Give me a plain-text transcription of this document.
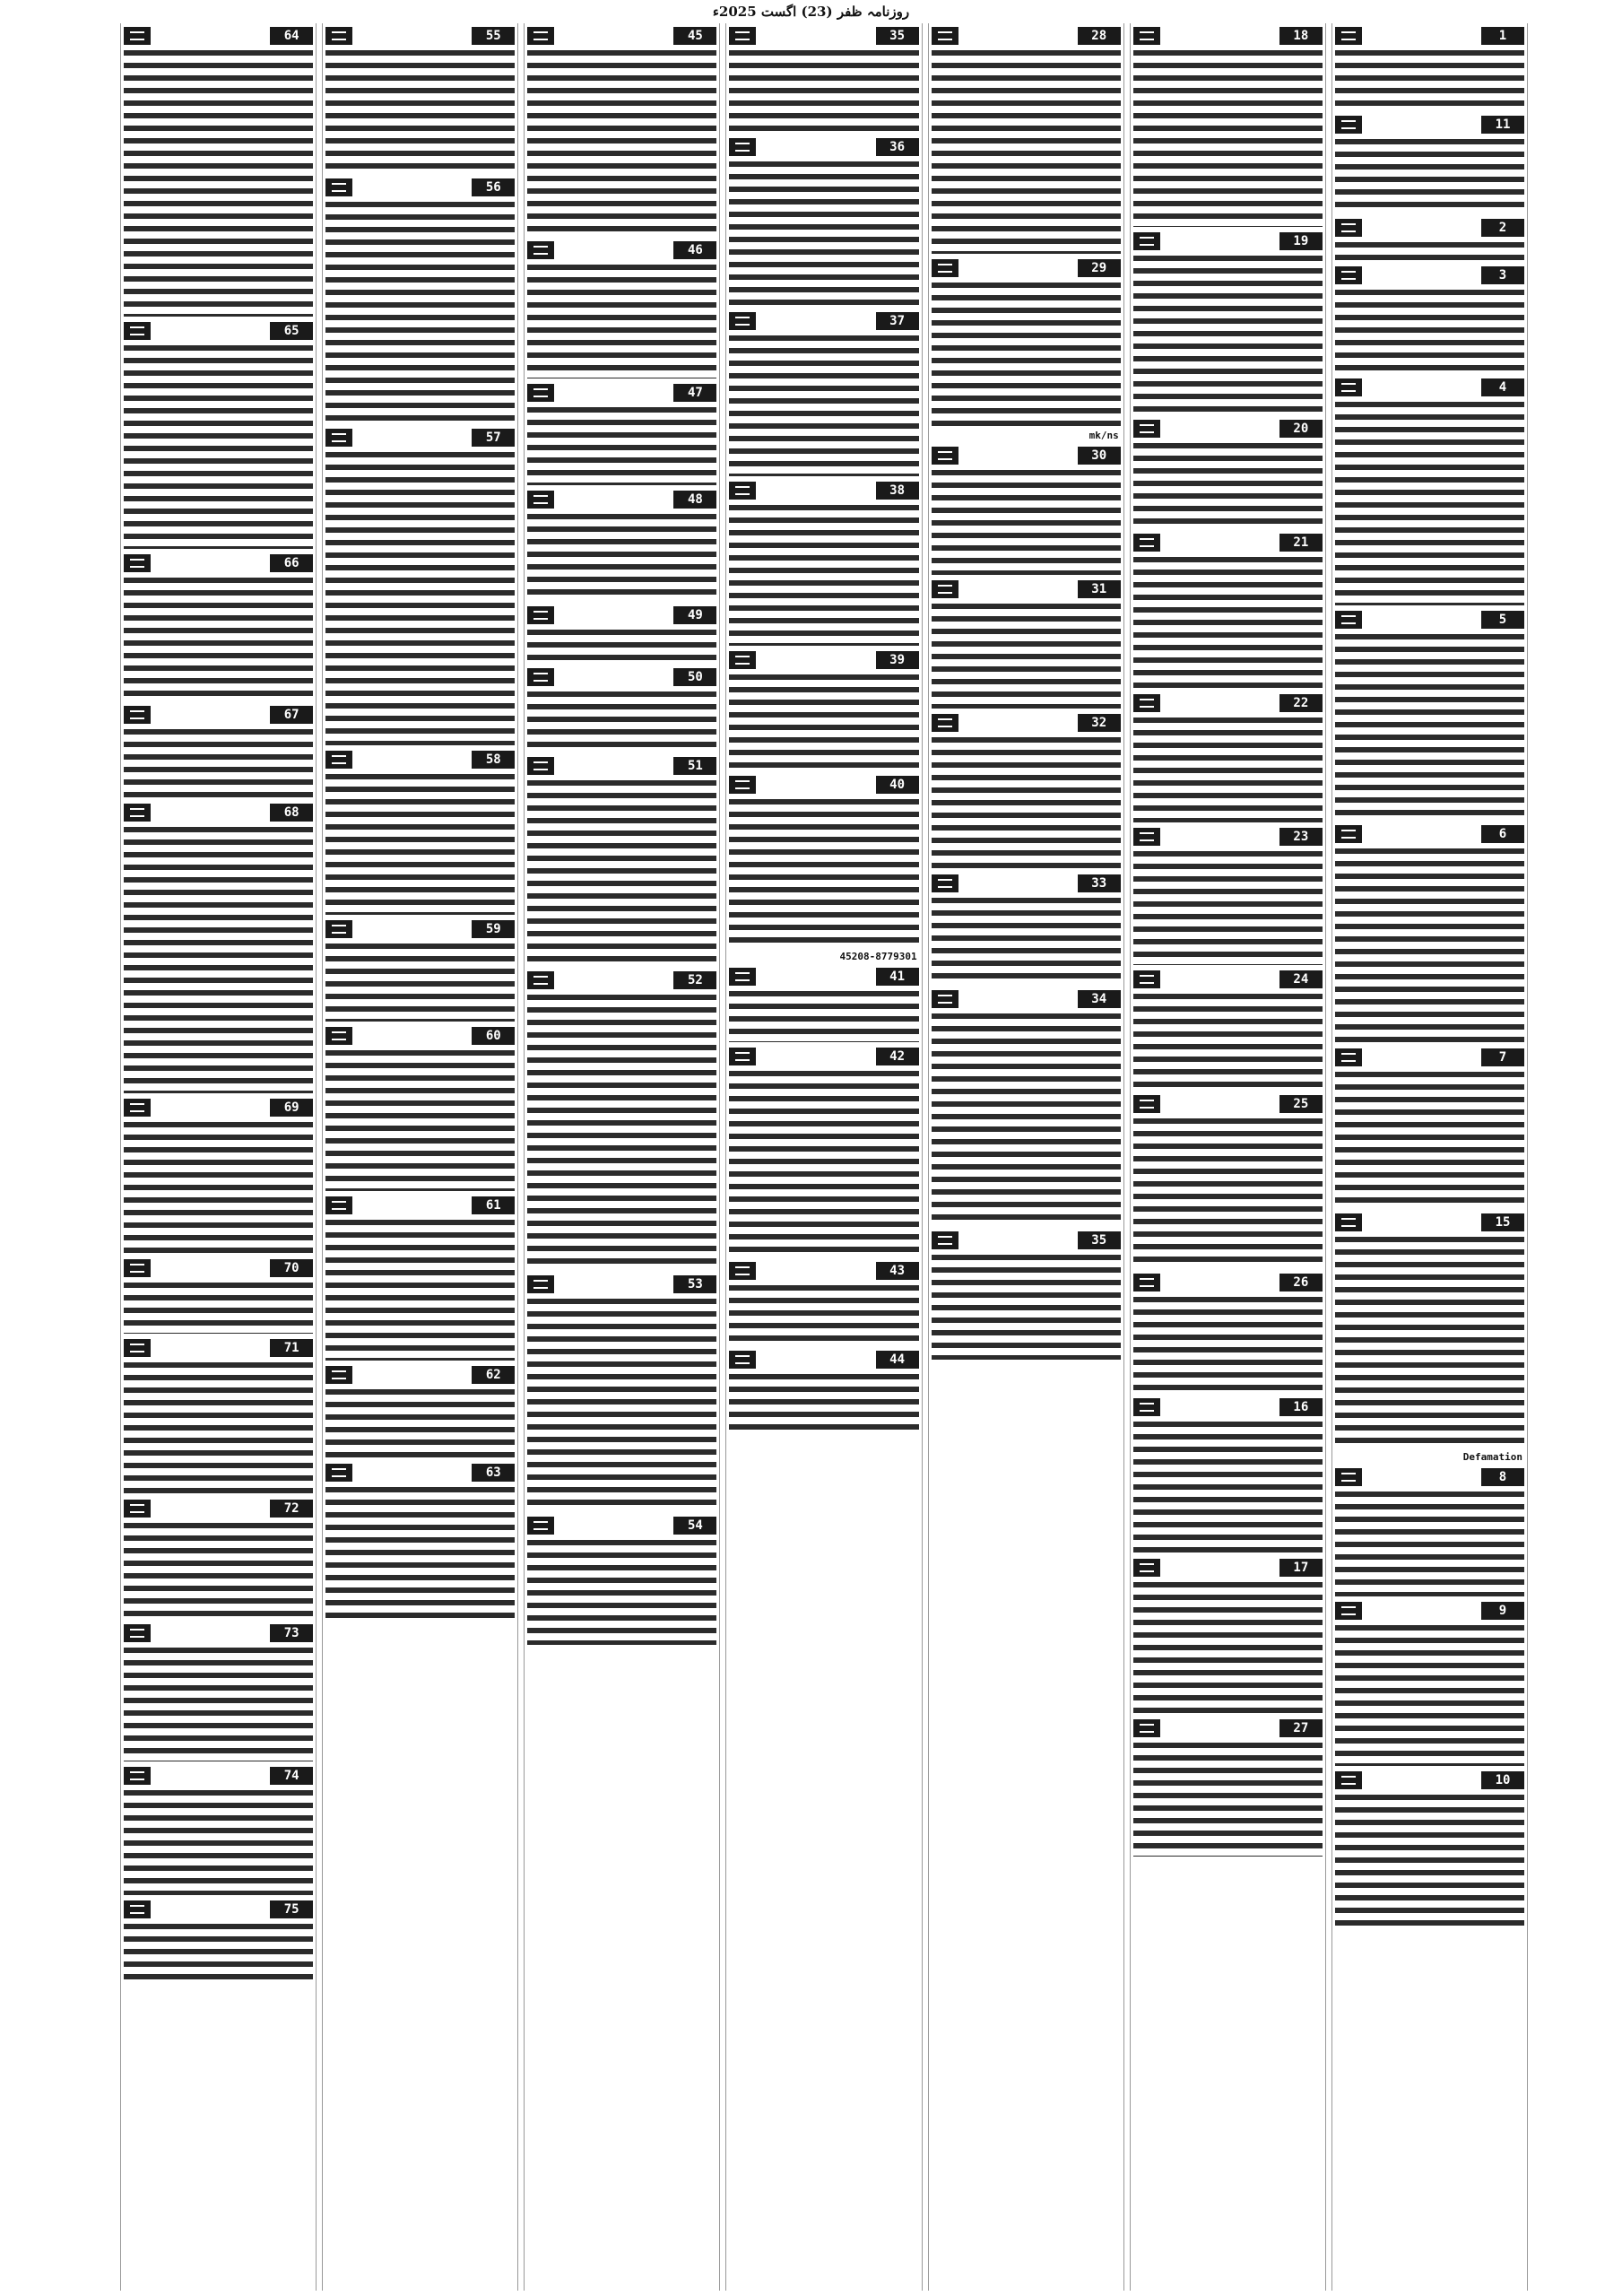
روزنامہ ظفر (23) اگست 2025ء
1
11
2
3
4
5
6
7
15
Defamation
8
9
10
18
19
20
21
22
23
24
25
26
16
17
27
28
29
mk/ns
30
31
32
33
34
35
35
36
37
38
39
40
45208-8779301
41
42
43
44
45
46
47
48
49
50
51
52
53
54
55
56
57
58
59
60
61
62
63
64
65
66
67
68
69
70
71
72
73
74
75
